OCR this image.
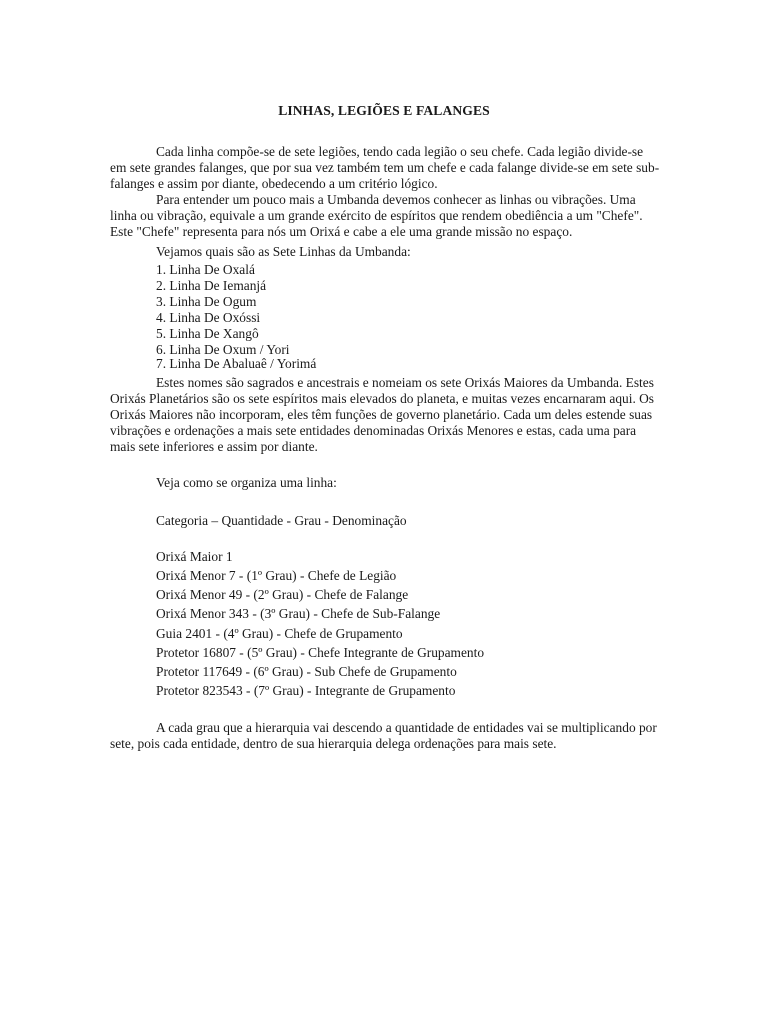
LINHAS, LEGIÕES E FALANGES

Cada linha compõe-se de sete legiões, tendo cada legião o seu chefe. Cada legião divide-se em sete grandes falanges, que por sua vez também tem um chefe e cada falange divide-se em sete sub-falanges e assim por diante, obedecendo a um critério lógico.

Para entender um pouco mais a Umbanda devemos conhecer as linhas ou vibrações. Uma linha ou vibração, equivale a um grande exército de espíritos que rendem obediência a um "Chefe". Este "Chefe" representa para nós um Orixá e cabe a ele uma grande missão no espaço.

Vejamos quais são as Sete Linhas da Umbanda:
1. Linha De Oxalá
2. Linha De Iemanjá
3. Linha De Ogum
4. Linha De Oxóssi
5. Linha De Xangô
6. Linha De Oxum / Yori
7. Linha De Abaluaê / Yorimá

Estes nomes são sagrados e ancestrais e nomeiam os sete Orixás Maiores da Umbanda. Estes Orixás Planetários são os sete espíritos mais elevados do planeta, e muitas vezes encarnaram aqui. Os Orixás Maiores não incorporam, eles têm funções de governo planetário. Cada um deles estende suas vibrações e ordenações a mais sete entidades denominadas Orixás Menores e estas, cada uma para mais sete inferiores e assim por diante.

Veja como se organiza uma linha:
Categoria – Quantidade - Grau - Denominação
Orixá Maior 1
Orixá Menor 7 - (1º Grau) - Chefe de Legião
Orixá Menor 49 - (2º Grau) - Chefe de Falange
Orixá Menor 343 - (3º Grau) - Chefe de Sub-Falange
Guia 2401 - (4º Grau) - Chefe de Grupamento
Protetor 16807 - (5º Grau) - Chefe Integrante de Grupamento
Protetor 117649 - (6º Grau) - Sub Chefe de Grupamento
Protetor 823543 - (7º Grau) - Integrante de Grupamento

A cada grau que a hierarquia vai descendo a quantidade de entidades vai se multiplicando por sete, pois cada entidade, dentro de sua hierarquia delega ordenações para mais sete.
